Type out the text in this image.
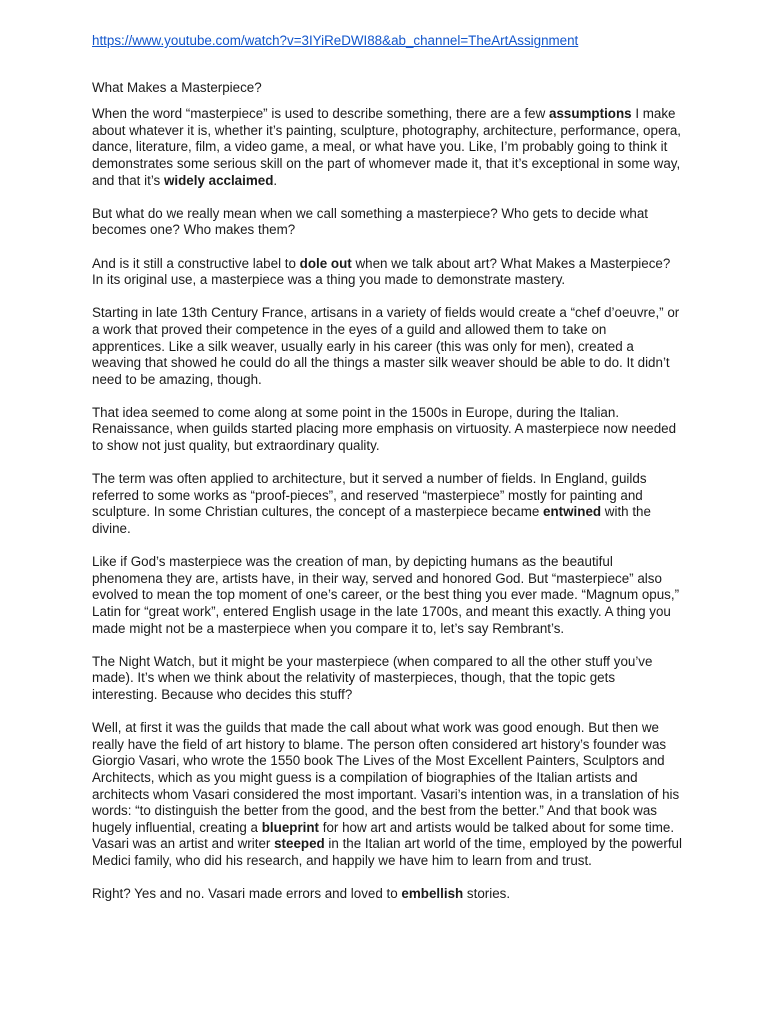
https://www.youtube.com/watch?v=3IYiReDWI88&ab_channel=TheArtAssignment
What Makes a Masterpiece?

When the word “masterpiece” is used to describe something, there are a few assumptions I make about whatever it is, whether it’s painting, sculpture, photography, architecture, performance, opera, dance, literature, film, a video game, a meal, or what have you. Like, I’m probably going to think it demonstrates some serious skill on the part of whomever made it, that it’s exceptional in some way, and that it’s widely acclaimed.

But what do we really mean when we call something a masterpiece? Who gets to decide what becomes one? Who makes them?

And is it still a constructive label to dole out when we talk about art? What Makes a Masterpiece? In its original use, a masterpiece was a thing you made to demonstrate mastery.

Starting in late 13th Century France, artisans in a variety of fields would create a “chef d’oeuvre,” or a work that proved their competence in the eyes of a guild and allowed them to take on apprentices. Like a silk weaver, usually early in his career (this was only for men), created a weaving that showed he could do all the things a master silk weaver should be able to do. It didn’t need to be amazing, though.

That idea seemed to come along at some point in the 1500s in Europe, during the Italian. Renaissance, when guilds started placing more emphasis on virtuosity. A masterpiece now needed to show not just quality, but extraordinary quality.

The term was often applied to architecture, but it served a number of fields. In England, guilds referred to some works as “proof-pieces”, and reserved “masterpiece” mostly for painting and sculpture. In some Christian cultures, the concept of a masterpiece became entwined with the divine.

Like if God’s masterpiece was the creation of man, by depicting humans as the beautiful phenomena they are, artists have, in their way, served and honored God. But “masterpiece” also evolved to mean the top moment of one’s career, or the best thing you ever made. “Magnum opus,” Latin for “great work”, entered English usage in the late 1700s, and meant this exactly. A thing you made might not be a masterpiece when you compare it to, let’s say Rembrant’s.

The Night Watch, but it might be your masterpiece (when compared to all the other stuff you’ve made). It’s when we think about the relativity of masterpieces, though, that the topic gets interesting. Because who decides this stuff?

Well, at first it was the guilds that made the call about what work was good enough. But then we really have the field of art history to blame. The person often considered art history’s founder was Giorgio Vasari, who wrote the 1550 book The Lives of the Most Excellent Painters, Sculptors and Architects, which as you might guess is a compilation of biographies of the Italian artists and architects whom Vasari considered the most important. Vasari’s intention was, in a translation of his words: “to distinguish the better from the good, and the best from the better.” And that book was hugely influential, creating a blueprint for how art and artists would be talked about for some time. Vasari was an artist and writer steeped in the Italian art world of the time, employed by the powerful Medici family, who did his research, and happily we have him to learn from and trust.

Right? Yes and no. Vasari made errors and loved to embellish stories.
